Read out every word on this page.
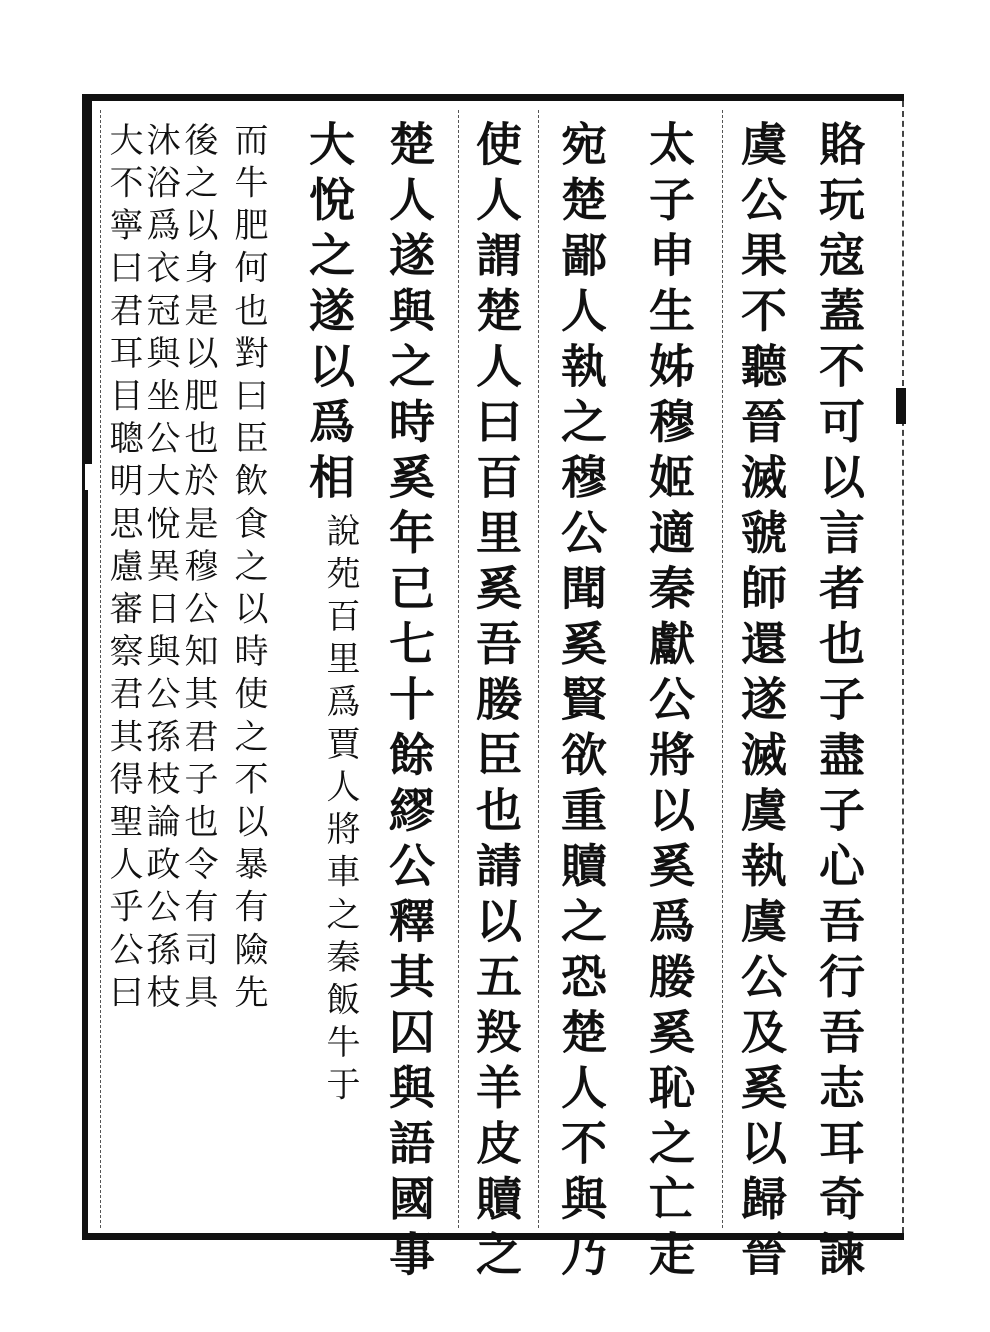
賂玩寇蓋不可以言者也子盡子心吾行吾志耳奇諫
虞公果不聽晉滅虢師還遂滅虞執虞公及奚以歸晉
太子申生姊穆姬適秦獻公將以奚爲媵奚恥之亡走
宛楚鄙人執之穆公聞奚賢欲重贖之恐楚人不與乃
使人謂楚人曰百里奚吾媵臣也請以五羖羊皮贖之
楚人遂與之時奚年已七十餘繆公釋其囚與語國事
大悅之遂以爲相
說苑百里爲賈人將車之秦飯牛于
而牛肥何也對曰臣飲食之以時使之不以暴有險先
後之以身是以肥也於是穆公知其君子也令有司具
沐浴爲衣冠與坐公大悅異日與公孫枝論政公孫枝
大不寧曰君耳目聰明思慮審察君其得聖人乎公曰
